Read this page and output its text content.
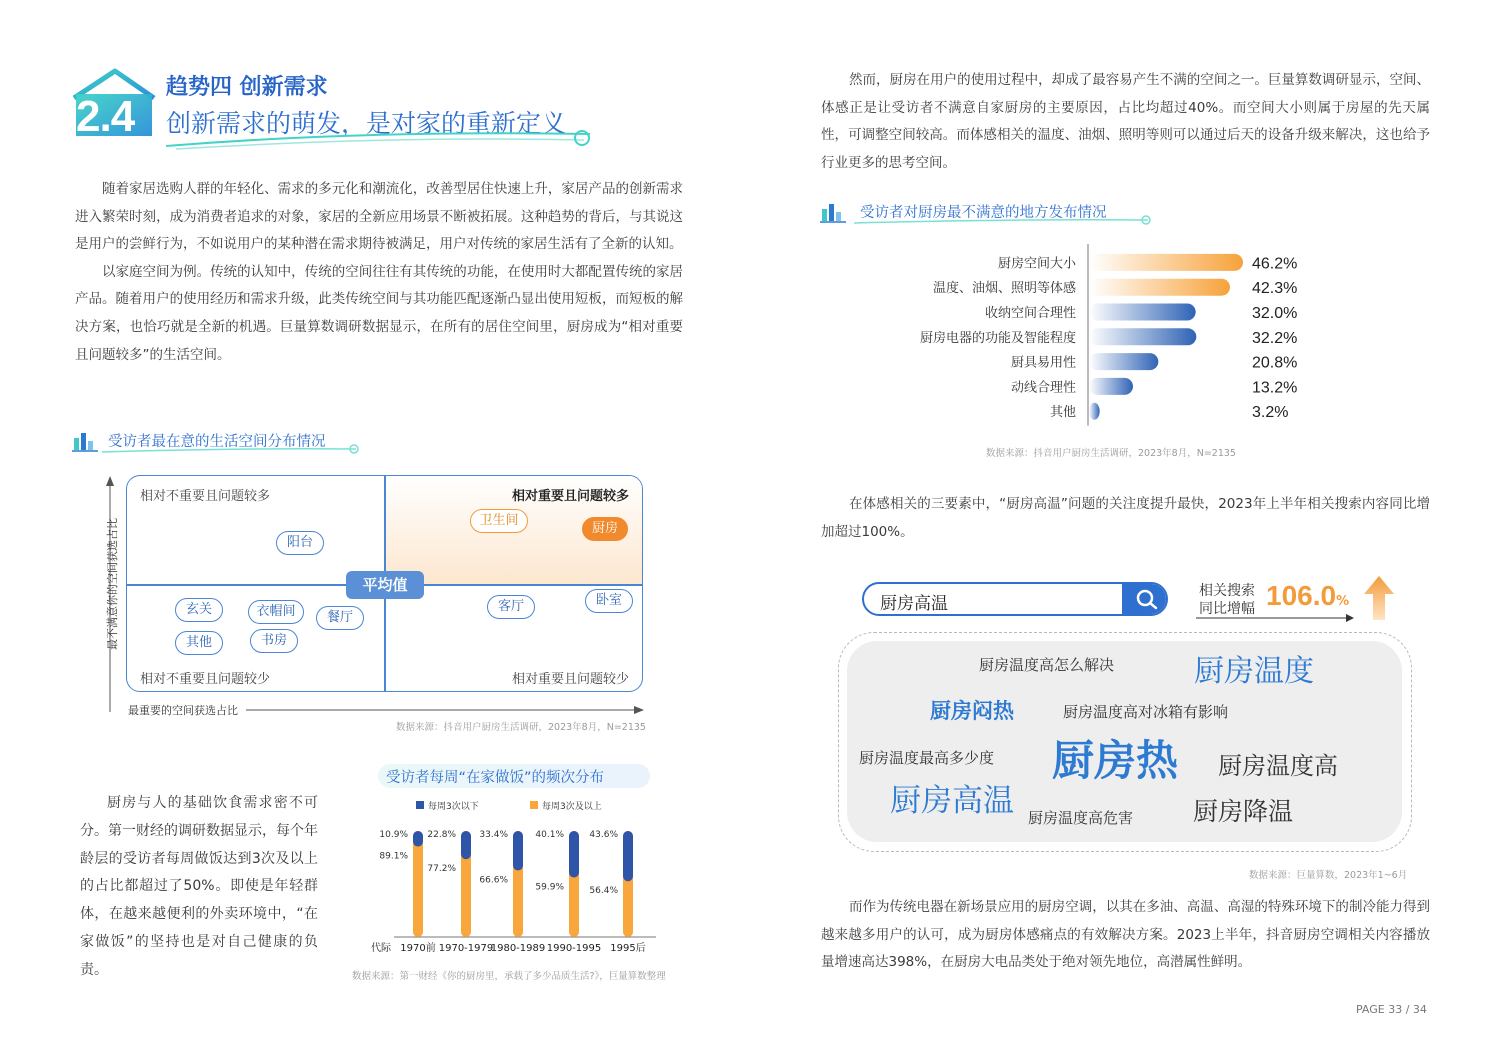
2.4
趋势四 创新需求
创新需求的萌发，是对家的重新定义

随着家居选购人群的年轻化、需求的多元化和潮流化，改善型居住快速上升，家居产品的创新需求进入繁荣时刻，成为消费者追求的对象，家居的全新应用场景不断被拓展。这种趋势的背后，与其说这是用户的尝鲜行为，不如说用户的某种潜在需求期待被满足，用户对传统的家居生活有了全新的认知。

以家庭空间为例。传统的认知中，传统的空间往往有其传统的功能，在使用时大都配置传统的家居产品。随着用户的使用经历和需求升级，此类传统空间与其功能匹配逐渐凸显出使用短板，而短板的解决方案，也恰巧就是全新的机遇。巨量算数调研数据显示，在所有的居住空间里，厨房成为“相对重要且问题较多”的生活空间。

受访者最在意的生活空间分布情况
最不满意你的空间获选占比
最重要的空间获选占比
相对不重要且问题较多	相对重要且问题较多
相对不重要且问题较少	相对重要且问题较少
平均值
卫生间
厨房
阳台
玄关	衣帽间	餐厅
其他	书房
客厅	卧室
数据来源：抖音用户厨房生活调研，2023年8月，N=2135
厨房与人的基础饮食需求密不可分。第一财经的调研数据显示，每个年龄层的受访者每周做饭达到3次及以上的占比都超过了50%。即使是年轻群体，在越来越便利的外卖环境中，“在家做饭”的坚持也是对自己健康的负责。
受访者每周“在家做饭”的频次分布
每周3次以下	每周3次及以上
代际
10.9%
89.1%
1970前
22.8%
77.2%
1970-1979
33.4%
66.6%
1980-1989
40.1%
59.9%
1990-1995
43.6%
56.4%
1995后
数据来源：第一财经《你的厨房里，承载了多少品质生活?》，巨量算数整理
然而，厨房在用户的使用过程中，却成了最容易产生不满的空间之一。巨量算数调研显示，空间、体感正是让受访者不满意自家厨房的主要原因，占比均超过40%。而空间大小则属于房屋的先天属性，可调整空间较高。而体感相关的温度、油烟、照明等则可以通过后天的设备升级来解决，这也给予行业更多的思考空间。
受访者对厨房最不满意的地方发布情况
厨房空间大小	46.2%
温度、油烟、照明等体感	42.3%
收纳空间合理性	32.0%
厨房电器的功能及智能程度	32.2%
厨具易用性	20.8%
动线合理性	13.2%
其他	3.2%
数据来源：抖音用户厨房生活调研，2023年8月，N=2135
在体感相关的三要素中，“厨房高温”问题的关注度提升最快，2023年上半年相关搜索内容同比增加超过100%。
厨房高温
相关搜索
同比增幅 106.0%
厨房温度高怎么解决	厨房温度
厨房闷热	厨房温度高对冰箱有影响
厨房温度最高多少度 厨房热 厨房温度高
厨房高温 厨房温度高危害 厨房降温
数据来源：巨量算数，2023年1~6月
而作为传统电器在新场景应用的厨房空调，以其在多油、高温、高湿的特殊环境下的制冷能力得到越来越多用户的认可，成为厨房体感痛点的有效解决方案。2023上半年，抖音厨房空调相关内容播放量增速高达398%，在厨房大电品类处于绝对领先地位，高潜属性鲜明。
PAGE 33 / 34
